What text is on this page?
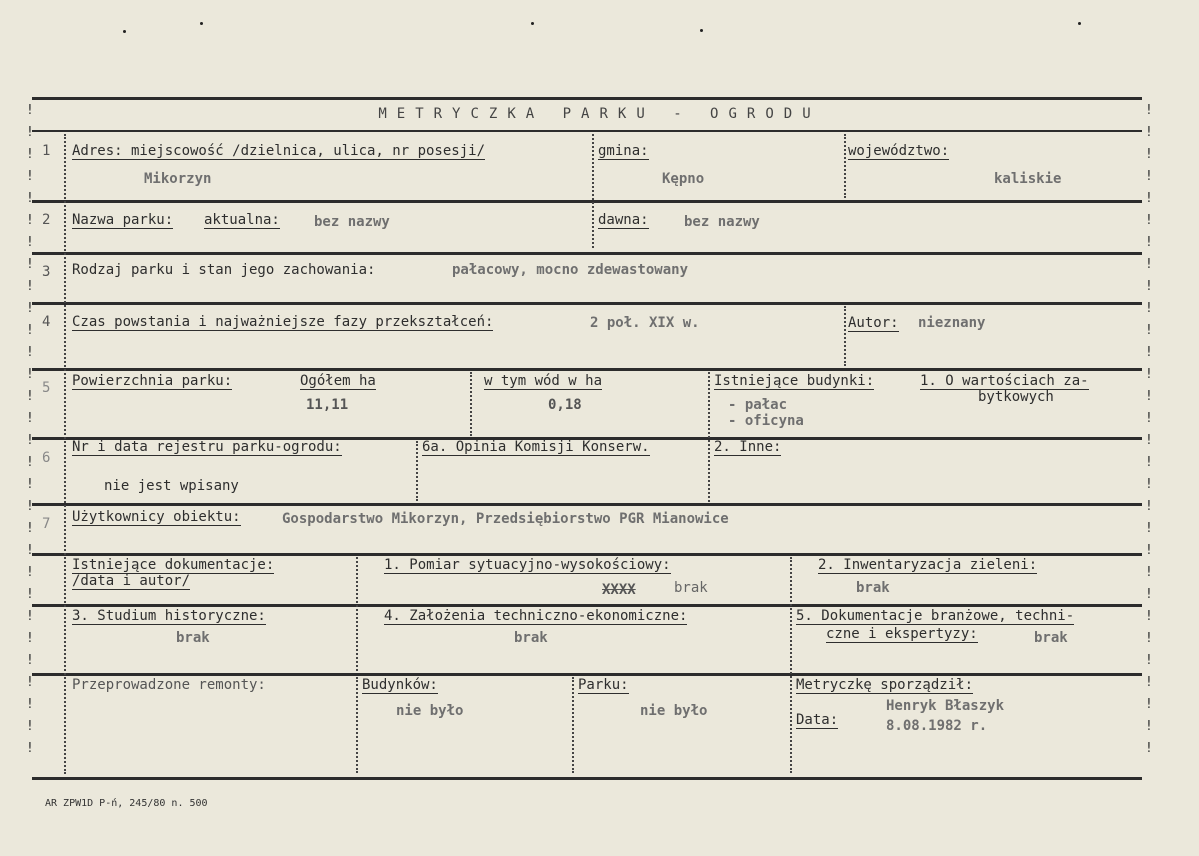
!
!
!
!
!
!
!
!
!
!
!
!
!
!
!
!
!
!
!
!
!
!
!
!
!
!
!
!
!
!
!
!
!
!
!
!
!
!
!
!
!
!
!
!
!
!
!
!
!
!
!
!
!
!
!
!
!
!
!
!
METRYCZKA PARKU - OGRODU
1 Adres: miejscowość /dzielnica, ulica, nr posesji/
Mikorzyn
gmina:
Kępno
województwo:
kaliskie
2 Nazwa parku: aktualna: bez nazwy	dawna:	bez nazwy
3 Rodzaj parku i stan jego zachowania:	pałacowy, mocno zdewastowany
4 Czas powstania i najważniejsze fazy przekształceń:	2 poł. XIX w.	Autor: nieznany
5 Powierzchnia parku:	Ogółem ha
11,11
w tym wód w ha
0,18
Istniejące budynki:	1. O wartościach za-
bytkowych
- pałac
- oficyna
6
Nr i data rejestru parku-ogrodu:
nie jest wpisany
6a. Opinia Komisji Konserw.	2. Inne:
7 Użytkownicy obiektu:	Gospodarstwo Mikorzyn, Przedsiębiorstwo PGR Mianowice
Istniejące dokumentacje:
/data i autor/
1. Pomiar sytuacyjno-wysokościowy:
XXXX	brak
2. Inwentaryzacja zieleni:
brak
3. Studium historyczne:
brak
4. Założenia techniczno-ekonomiczne:
brak
5. Dokumentacje branżowe, techni-
czne i ekspertyzy:	brak
Przeprowadzone remonty:	Budynków:
nie było
Parku:
nie było
Metryczkę sporządził:
Henryk Błaszyk
Data:	8.08.1982 r.
AR ZPW1D P-ń, 245/80 n. 500
